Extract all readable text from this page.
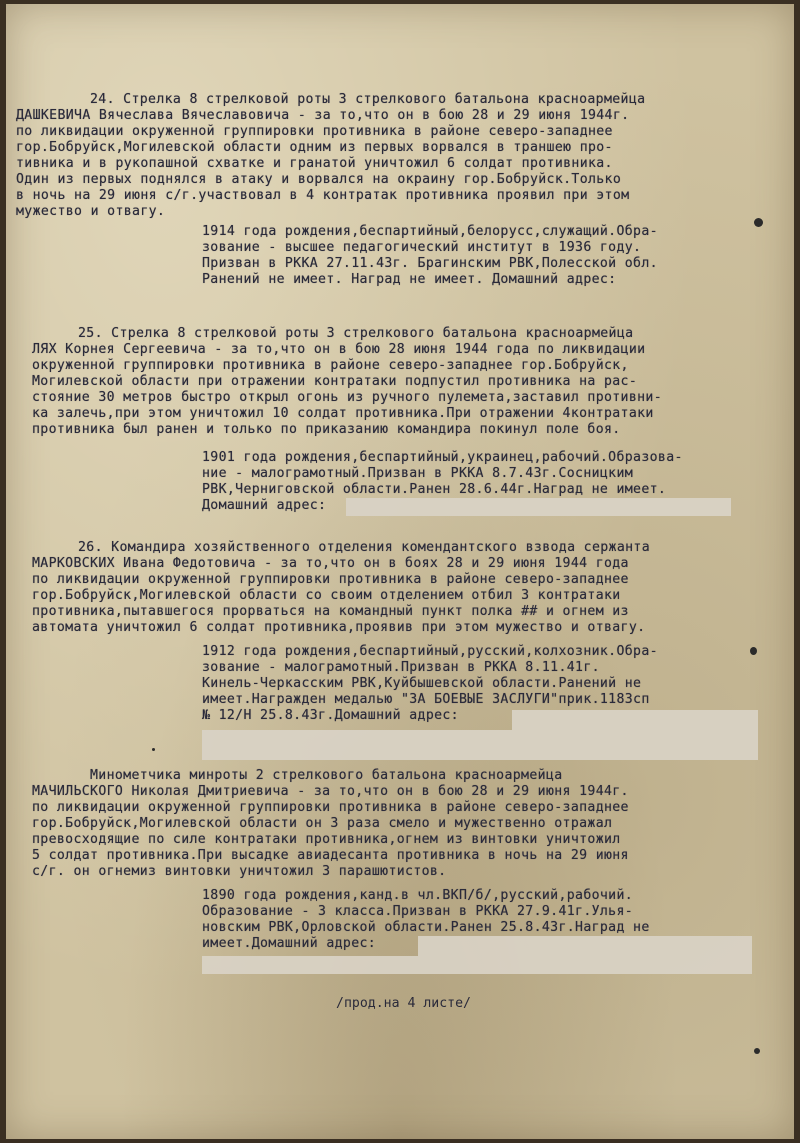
24. Стрелка 8 стрелковой роты 3 стрелкового батальона красноармейца
ДАШКЕВИЧА Вячеслава Вячеславовича - за то,что он в бою 28 и 29 июня 1944г.
по ликвидации окруженной группировки противника в районе северо-западнее
гор.Бобруйск,Могилевской области одним из первых ворвался в траншею про-
тивника и в рукопашной схватке и гранатой уничтожил 6 солдат противника.
Один из первых поднялся в атаку и ворвался на окраину гор.Бобруйск.Только
в ночь на 29 июня с/г.участвовал в 4 контратак противника проявил при этом
мужество и отвагу.
1914 года рождения,беспартийный,белорусс,служащий.Обра-
зование - высшее педагогический институт в 1936 году.
Призван в РККА 27.11.43г. Брагинским РВК,Полесской обл.
Ранений не имеет. Наград не имеет. Домашний адрес:
25. Стрелка 8 стрелковой роты 3 стрелкового батальона красноармейца
ЛЯХ Корнея Сергеевича - за то,что он в бою 28 июня 1944 года по ликвидации
окруженной группировки противника в районе северо-западнее гор.Бобруйск,
Могилевской области при отражении контратаки подпустил противника на рас-
стояние 30 метров быстро открыл огонь из ручного пулемета,заставил противни-
ка залечь,при этом уничтожил 10 солдат противника.При отражении 4контратаки
противника был ранен и только по приказанию командира покинул поле боя.
1901 года рождения,беспартийный,украинец,рабочий.Образова-
ние - малограмотный.Призван в РККА 8.7.43г.Сосницким
РВК,Черниговской области.Ранен 28.6.44г.Наград не имеет.
Домашний адрес:
26. Командира хозяйственного отделения комендантского взвода сержанта
МАРКОВСКИХ Ивана Федотовича - за то,что он в боях 28 и 29 июня 1944 года
по ликвидации окруженной группировки противника в районе северо-западнее
гор.Бобруйск,Могилевской области со своим отделением отбил 3 контратаки
противника,пытавшегося прорваться на командный пункт полка ## и огнем из
автомата уничтожил 6 солдат противника,проявив при этом мужество и отвагу.
1912 года рождения,беспартийный,русский,колхозник.Обра-
зование - малограмотный.Призван в РККА 8.11.41г.
Кинель-Черкасским РВК,Куйбышевской области.Ранений не
имеет.Награжден медалью "ЗА БОЕВЫЕ ЗАСЛУГИ"прик.1183сп
№ 12/Н 25.8.43г.Домашний адрес:
Минометчика минроты 2 стрелкового батальона красноармейца
МАЧИЛЬСКОГО Николая Дмитриевича - за то,что он в бою 28 и 29 июня 1944г.
по ликвидации окруженной группировки противника в районе северо-западнее
гор.Бобруйск,Могилевской области он 3 раза смело и мужественно отражал
превосходящие по силе контратаки противника,огнем из винтовки уничтожил
5 солдат противника.При высадке авиадесанта противника в ночь на 29 июня
с/г. он огнемиз винтовки уничтожил 3 парашютистов.
1890 года рождения,канд.в чл.ВКП/б/,русский,рабочий.
Образование - 3 класса.Призван в РККА 27.9.41г.Улья-
новским РВК,Орловской области.Ранен 25.8.43г.Наград не
имеет.Домашний адрес:
/прод.на 4 листе/
